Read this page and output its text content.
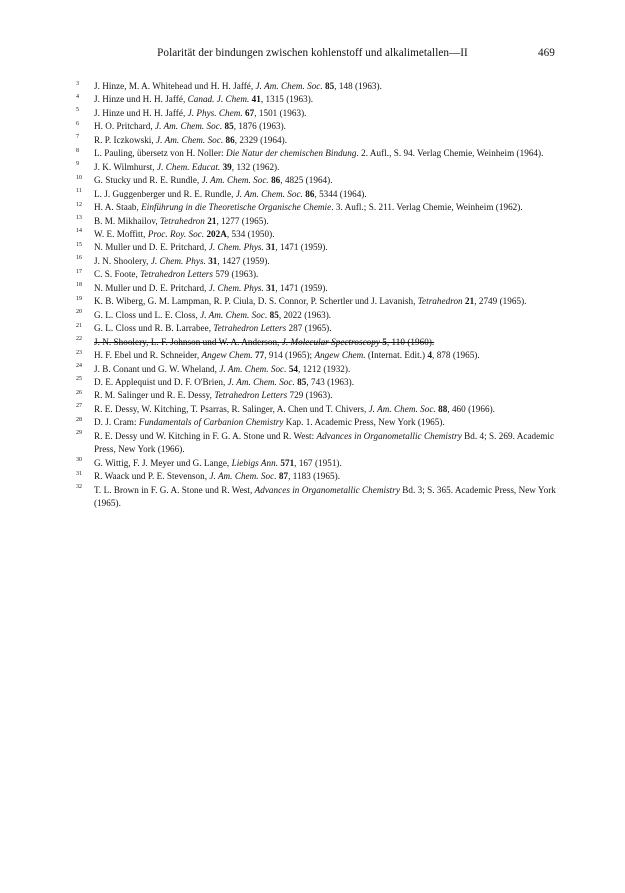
Polarität der bindungen zwischen kohlenstoff und alkalimetallen—II	469
3	J. Hinze, M. A. Whitehead und H. H. Jaffé, J. Am. Chem. Soc. 85, 148 (1963).
4	J. Hinze und H. H. Jaffé, Canad. J. Chem. 41, 1315 (1963).
5	J. Hinze und H. H. Jaffé, J. Phys. Chem. 67, 1501 (1963).
6	H. O. Pritchard, J. Am. Chem. Soc. 85, 1876 (1963).
7	R. P. Iczkowski, J. Am. Chem. Soc. 86, 2329 (1964).
8	L. Pauling, übersetz von H. Noller: Die Natur der chemischen Bindung. 2. Aufl., S. 94. Verlag Chemie, Weinheim (1964).
9	J. K. Wilmhurst, J. Chem. Educat. 39, 132 (1962).
10	G. Stucky und R. E. Rundle, J. Am. Chem. Soc. 86, 4825 (1964).
11	L. J. Guggenberger und R. E. Rundle, J. Am. Chem. Soc. 86, 5344 (1964).
12	H. A. Staab, Einführung in die Theoretische Organische Chemie. 3. Aufl.; S. 211. Verlag Chemie, Weinheim (1962).
13	B. M. Mikhailov, Tetrahedron 21, 1277 (1965).
14	W. E. Moffitt, Proc. Roy. Soc. 202A, 534 (1950).
15	N. Muller und D. E. Pritchard, J. Chem. Phys. 31, 1471 (1959).
16	J. N. Shoolery, J. Chem. Phys. 31, 1427 (1959).
17	C. S. Foote, Tetrahedron Letters 579 (1963).
18	N. Muller und D. E. Pritchard, J. Chem. Phys. 31, 1471 (1959).
19	K. B. Wiberg, G. M. Lampman, R. P. Ciula, D. S. Connor, P. Schertler und J. Lavanish, Tetrahedron 21, 2749 (1965).
20	G. L. Closs und L. E. Closs, J. Am. Chem. Soc. 85, 2022 (1963).
21	G. L. Closs und R. B. Larrabee, Tetrahedron Letters 287 (1965).
22	J. N. Shoolery, L. F. Johnson und W. A. Anderson, J. Molecular Spectroscopy 5, 110 (1960).
23	H. F. Ebel und R. Schneider, Angew Chem. 77, 914 (1965); Angew Chem. (Internat. Edit.) 4, 878 (1965).
24	J. B. Conant und G. W. Wheland, J. Am. Chem. Soc. 54, 1212 (1932).
25	D. E. Applequist und D. F. O'Brien, J. Am. Chem. Soc. 85, 743 (1963).
26	R. M. Salinger und R. E. Dessy, Tetrahedron Letters 729 (1963).
27	R. E. Dessy, W. Kitching, T. Psarras, R. Salinger, A. Chen und T. Chivers, J. Am. Chem. Soc. 88, 460 (1966).
28	D. J. Cram: Fundamentals of Carbanion Chemistry Kap. 1. Academic Press, New York (1965).
29	R. E. Dessy und W. Kitching in F. G. A. Stone und R. West: Advances in Organometallic Chemistry Bd. 4; S. 269. Academic Press, New York (1966).
30	G. Wittig, F. J. Meyer und G. Lange, Liebigs Ann. 571, 167 (1951).
31	R. Waack und P. E. Stevenson, J. Am. Chem. Soc. 87, 1183 (1965).
32	T. L. Brown in F. G. A. Stone und R. West, Advances in Organometallic Chemistry Bd. 3; S. 365. Academic Press, New York (1965).
